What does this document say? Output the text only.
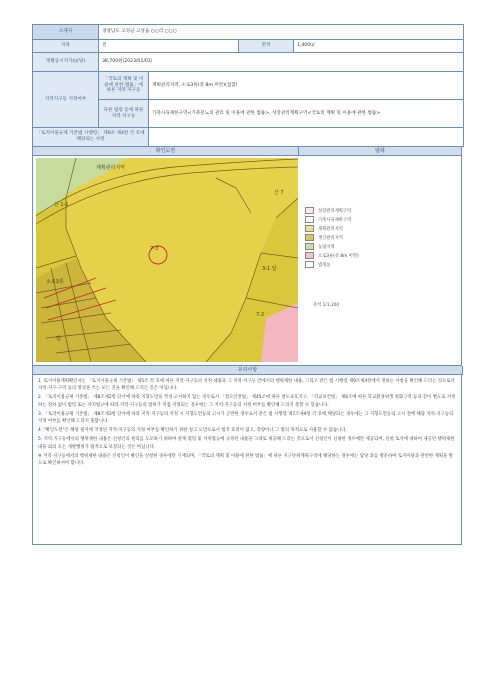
소재지	경상남도 고성군 고성읍 ○○리 ○○○			
지목	전		면적	1,400㎡
개별공시지가(㎡당)	38,700원(2023/01/01)			
지역지구등 지정여부	「국토의 계획 및 이용에 관한 법률」에 따른 지역·지구등	계획관리지역, 소로3류(폭 8m 미만)(접합)		
	다른 법령 등에 따른 지역·지구등	가축사육제한구역<가축분뇨의 관리 및 이용에 관한 법률>, 성장관리계획구역<국토의 계획 및 이용에 관한 법률>		
「토지이용규제 기본법 시행령」 제9조 제4항 각 호에 해당되는 사항				
확인도면	범례
계획관리지역
산 1-1
7-3
산 7
소로3류
3-1 답
7-2
답
성장관리계획구역
가축사육제한구역
계획관리지역
생산관리지역
농림지역
소로3류(폭 8m 미만)
법정동
축척 1/1,200
유의사항

1. 토지이용계획확인서는 「토지이용규제 기본법」 제5조 각 호에 따른 지역·지구등의 지정 내용과 그 지역·지구등 안에서의 행위제한 내용, 그리고 같은 법 시행령 제9조제4항에서 정하는 사항을 확인해 드리는 것으로서 지역·지구·구역 등의 명칭을 쓰는 모든 것을 확인해 드리는 것은 아닙니다.

2. 「토지이용규제 기본법」 제8조제2항 단서에 따라 지형도면을 작성·고시하지 않는 경우로서 「철도안전법」 제45조에 따른 철도보호지구, 「학교보건법」 제6조에 따른 학교환경위생 정화구역 등과 같이 별도로 지정하는 절차 없이 법령 또는 자치법규에 따라 지역·지구등의 범위가 직접 지정되는 경우에는 그 지역·지구등의 지정 여부를 확인해 드리지 못할 수 있습니다.

3. 「토지이용규제 기본법」 제8조제3항 단서에 따라 지역·지구등의 지정 시 지형도면등의 고시가 곤란한 경우로서 같은 법 시행령 제7조제4항 각 호에 해당되는 경우에는 그 지형도면등의 고시 전에 해당 지역·지구등의 지정 여부를 확인해 드리지 못합니다.

4. "확인도면"은 해당 필지에 지정된 지역·지구등의 지정 여부를 확인하기 위한 참고 도면으로서 법적 효력이 없고, 측량이나 그 밖의 목적으로 사용할 수 없습니다.

5. 지역·지구등에서의 행위제한 내용은 신청인의 편의를 도모하기 위하여 관계 법령 및 자치법규에 규정된 내용을 그대로 제공해 드리는 것으로서 신청인이 신청한 경우에만 제공되며, 신청 토지에 대하여 제공된 행위제한 내용 외의 모든 개발행위가 법적으로 보장되는 것은 아닙니다.

※ 지역·지구등에서의 행위제한 내용은 신청인이 확인을 신청한 경우에만 기재되며, 「국토의 계획 및 이용에 관한 법률」에 따른 지구단위계획구역에 해당하는 경우에는 담당 과를 방문하여 토지이용과 관련한 계획을 별도로 확인하셔야 합니다.
